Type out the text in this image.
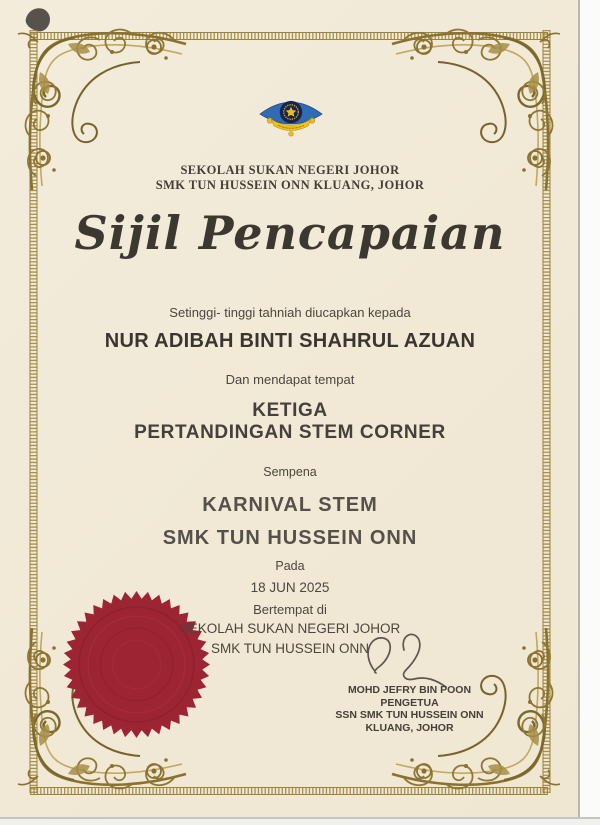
SEKOLAH SUKAN NEGERI JOHOR
SMK TUN HUSSEIN ONN KLUANG, JOHOR
Sijil Pencapaian
Setinggi- tinggi tahniah diucapkan kepada
NUR ADIBAH BINTI SHAHRUL AZUAN
Dan mendapat tempat
KETIGA
PERTANDINGAN STEM CORNER
Sempena
KARNIVAL STEM
SMK TUN HUSSEIN ONN
Pada
18 JUN 2025
Bertempat di
SEKOLAH SUKAN NEGERI JOHOR
SMK TUN HUSSEIN ONN
MOHD JEFRY BIN POON
PENGETUA
SSN SMK TUN HUSSEIN ONN
KLUANG, JOHOR
